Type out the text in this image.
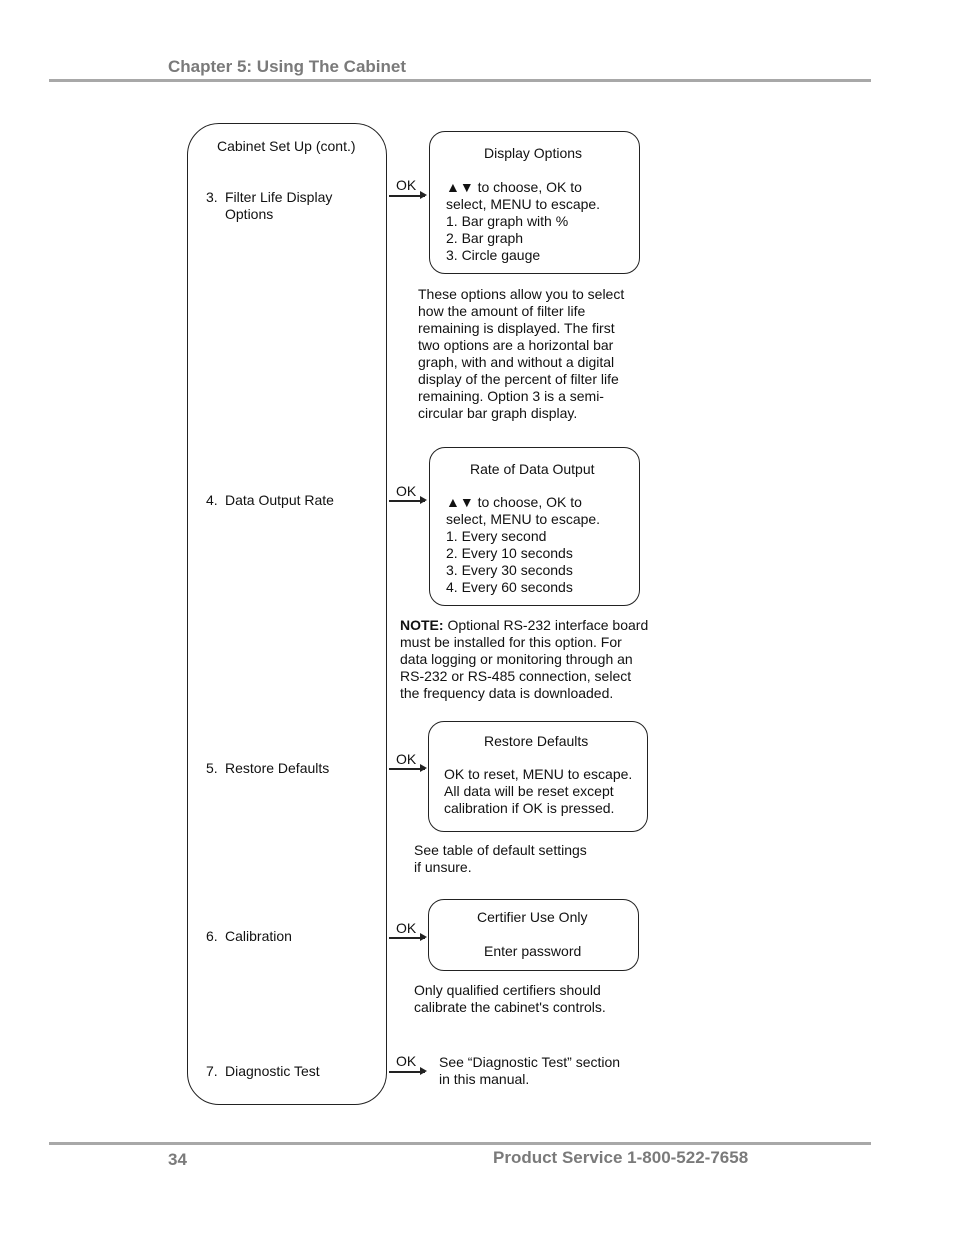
Chapter 5: Using The Cabinet
Cabinet Set Up (cont.)
3. Filter Life Display
Options
4. Data Output Rate
5. Restore Defaults
6. Calibration
7. Diagnostic Test
OK
Display Options
▲▼ to choose, OK to
select, MENU to escape.
1. Bar graph with %
2. Bar graph
3. Circle gauge
These options allow you to select
how the amount of filter life
remaining is displayed. The first
two options are a horizontal bar
graph, with and without a digital
display of the percent of filter life
remaining. Option 3 is a semi-
circular bar graph display.
OK
Rate of Data Output
▲▼ to choose, OK to
select, MENU to escape.
1. Every second
2. Every 10 seconds
3. Every 30 seconds
4. Every 60 seconds
NOTE: Optional RS-232 interface board
must be installed for this option. For
data logging or monitoring through an
RS-232 or RS-485 connection, select
the frequency data is downloaded.
OK
Restore Defaults
OK to reset, MENU to escape.
All data will be reset except
calibration if OK is pressed.
See table of default settings
if unsure.
OK
Certifier Use Only
Enter password
Only qualified certifiers should
calibrate the cabinet's controls.
OK See “Diagnostic Test” section
in this manual.
34	Product Service 1-800-522-7658
